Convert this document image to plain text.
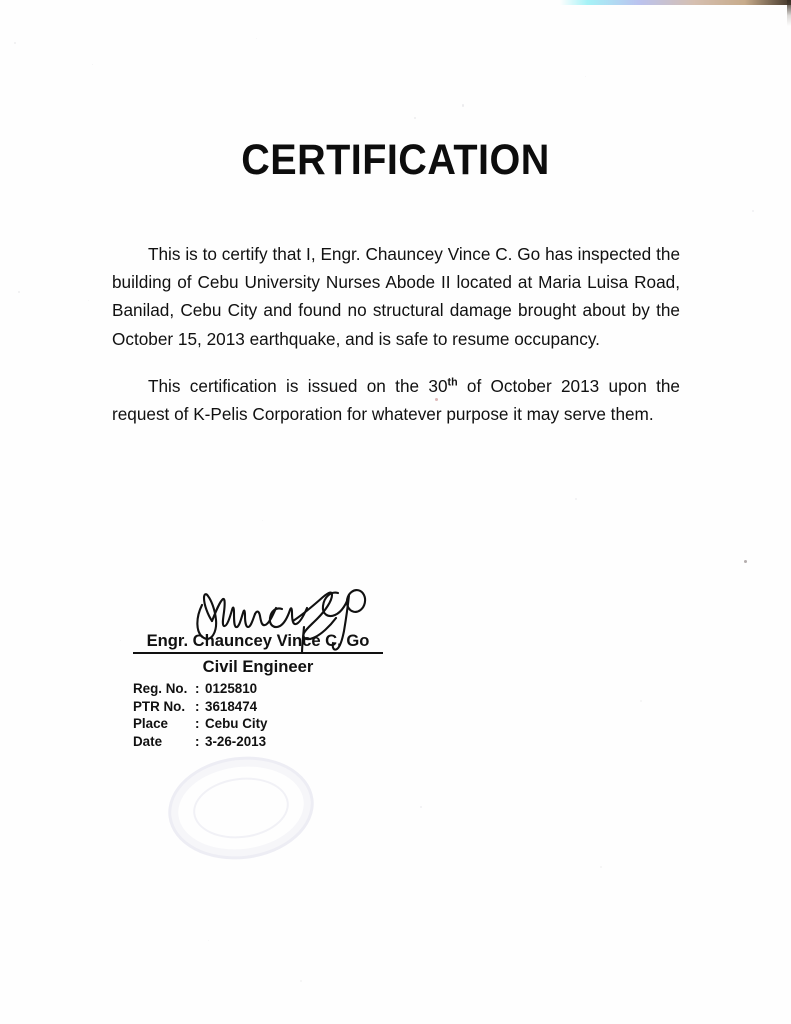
CERTIFICATION

This is to certify that I, Engr. Chauncey Vince C. Go has inspected the building of Cebu University Nurses Abode II located at Maria Luisa Road, Banilad, Cebu City and found no structural damage brought about by the October 15, 2013 earthquake, and is safe to resume occupancy.

This certification is issued on the 30th of October 2013 upon the request of K-Pelis Corporation for whatever purpose it may serve them.

Engr. Chauncey Vince C. Go
Civil Engineer
Reg. No. : 0125810
PTR No. : 3618474
Place	: Cebu City
Date	: 3-26-2013
